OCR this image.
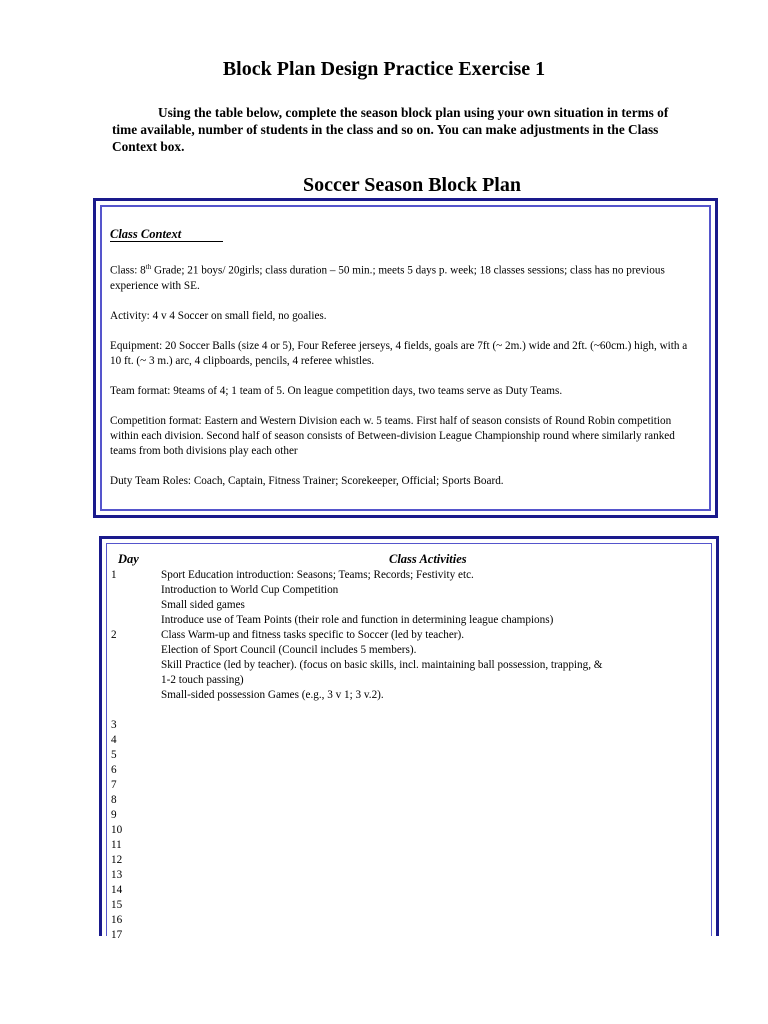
Block Plan Design Practice Exercise 1

Using the table below, complete the season block plan using your own situation in terms of time available, number of students in the class and so on. You can make adjustments in the Class Context box.

Soccer Season Block Plan
Class Context

Class: 8th Grade; 21 boys/ 20girls; class duration – 50 min.; meets 5 days p. week; 18 classes sessions; class has no previous experience with SE.

Activity: 4 v 4 Soccer on small field, no goalies.

Equipment: 20 Soccer Balls (size 4 or 5), Four Referee jerseys, 4 fields, goals are 7ft (~ 2m.) wide and 2ft. (~60cm.) high, with a 10 ft. (~ 3 m.) arc, 4 clipboards, pencils, 4 referee whistles.

Team format: 9teams of 4; 1 team of 5. On league competition days, two teams serve as Duty Teams.

Competition format: Eastern and Western Division each w. 5 teams. First half of season consists of Round Robin competition within each division. Second half of season consists of Between-division League Championship round where similarly ranked teams from both divisions play each other

Duty Team Roles: Coach, Captain, Fitness Trainer; Scorekeeper, Official; Sports Board.

Day	Class Activities
1	Sport Education introduction: Seasons; Teams; Records; Festivity etc.
Introduction to World Cup Competition
Small sided games
Introduce use of Team Points (their role and function in determining league champions)
2	Class Warm-up and fitness tasks specific to Soccer (led by teacher).
Election of Sport Council (Council includes 5 members).
Skill Practice (led by teacher). (focus on basic skills, incl. maintaining ball possession, trapping, & 1-2 touch passing)
Small-sided possession Games (e.g., 3 v 1; 3 v.2).
3
4
5
6
7
8
9
10
11
12
13
14
15
16
17
